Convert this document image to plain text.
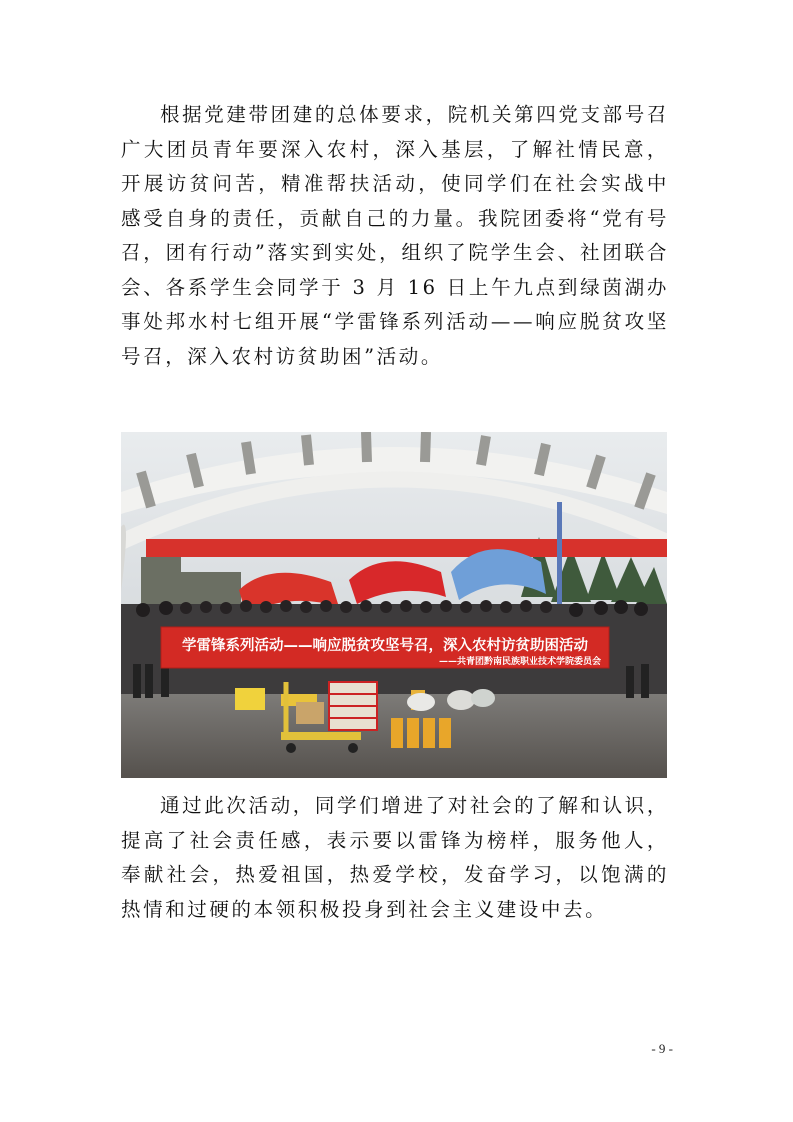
根据党建带团建的总体要求，院机关第四党支部号召广大团员青年要深入农村，深入基层，了解社情民意，开展访贫问苦，精准帮扶活动，使同学们在社会实战中感受自身的责任，贡献自己的力量。我院团委将“党有号召，团有行动”落实到实处，组织了院学生会、社团联合会、各系学生会同学于 3 月 16 日上午九点到绿茵湖办事处邦水村七组开展“学雷锋系列活动——响应脱贫攻坚号召，深入农村访贫助困”活动。

学雷锋系列活动——响应脱贫攻坚号召，深入农村访贫助困活动
——共青团黔南民族职业技术学院委员会

通过此次活动，同学们增进了对社会的了解和认识，提高了社会责任感，表示要以雷锋为榜样，服务他人，奉献社会，热爱祖国，热爱学校，发奋学习，以饱满的热情和过硬的本领积极投身到社会主义建设中去。

- 9 -
